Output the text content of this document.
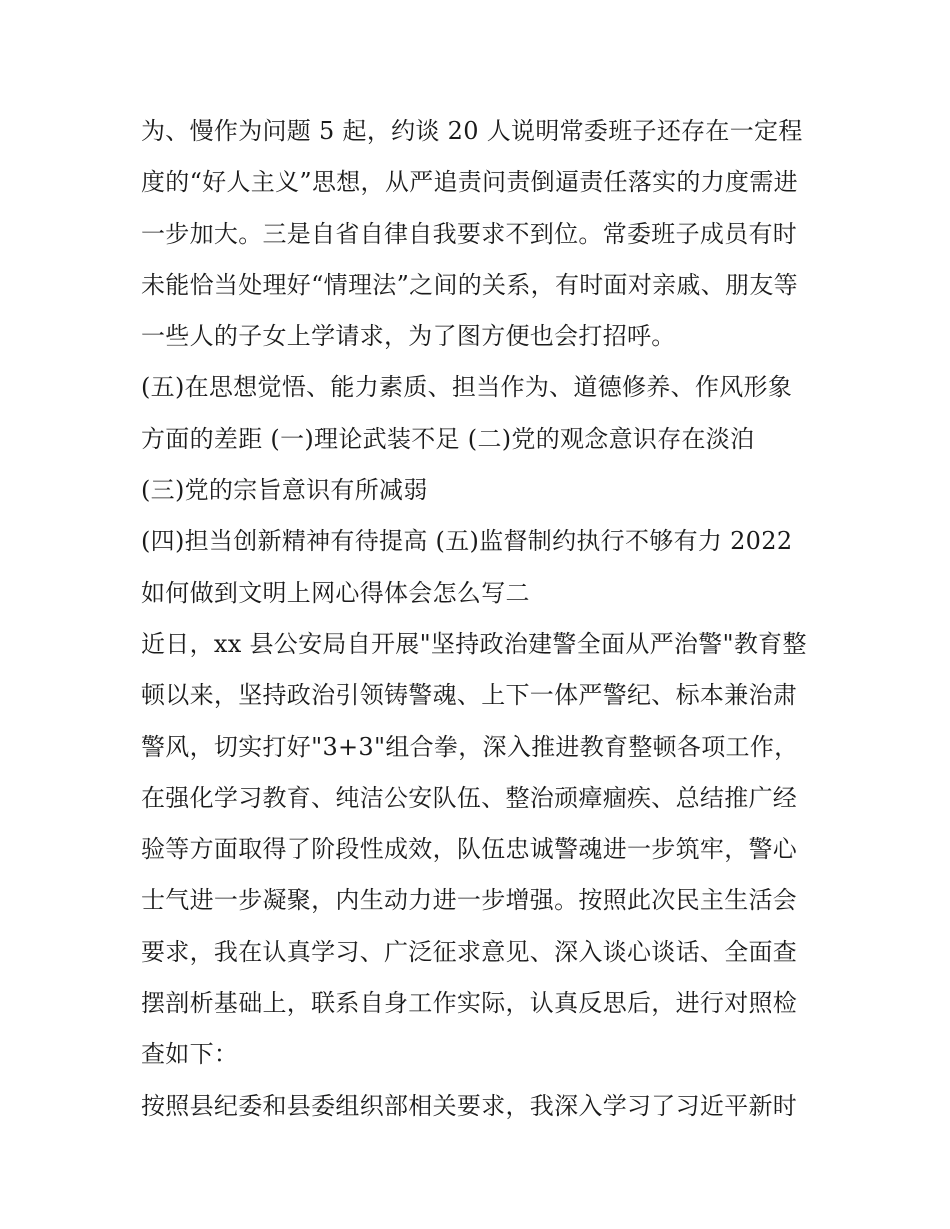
为、慢作为问题 5 起，约谈 20 人说明常委班子还存在一定程
度的“好人主义”思想，从严追责问责倒逼责任落实的力度需进
一步加大。三是自省自律自我要求不到位。常委班子成员有时
未能恰当处理好“情理法”之间的关系，有时面对亲戚、朋友等
一些人的子女上学请求，为了图方便也会打招呼。
(五)在思想觉悟、能力素质、担当作为、道德修养、作风形象
方面的差距 (一)理论武装不足 (二)党的观念意识存在淡泊
(三)党的宗旨意识有所减弱
(四)担当创新精神有待提高 (五)监督制约执行不够有力 2022
如何做到文明上网心得体会怎么写二
近日，xx 县公安局自开展"坚持政治建警全面从严治警"教育整
顿以来，坚持政治引领铸警魂、上下一体严警纪、标本兼治肃
警风，切实打好"3+3"组合拳，深入推进教育整顿各项工作，
在强化学习教育、纯洁公安队伍、整治顽瘴痼疾、总结推广经
验等方面取得了阶段性成效，队伍忠诚警魂进一步筑牢，警心
士气进一步凝聚，内生动力进一步增强。按照此次民主生活会
要求，我在认真学习、广泛征求意见、深入谈心谈话、全面查
摆剖析基础上，联系自身工作实际，认真反思后，进行对照检
查如下：
按照县纪委和县委组织部相关要求，我深入学习了习近平新时
